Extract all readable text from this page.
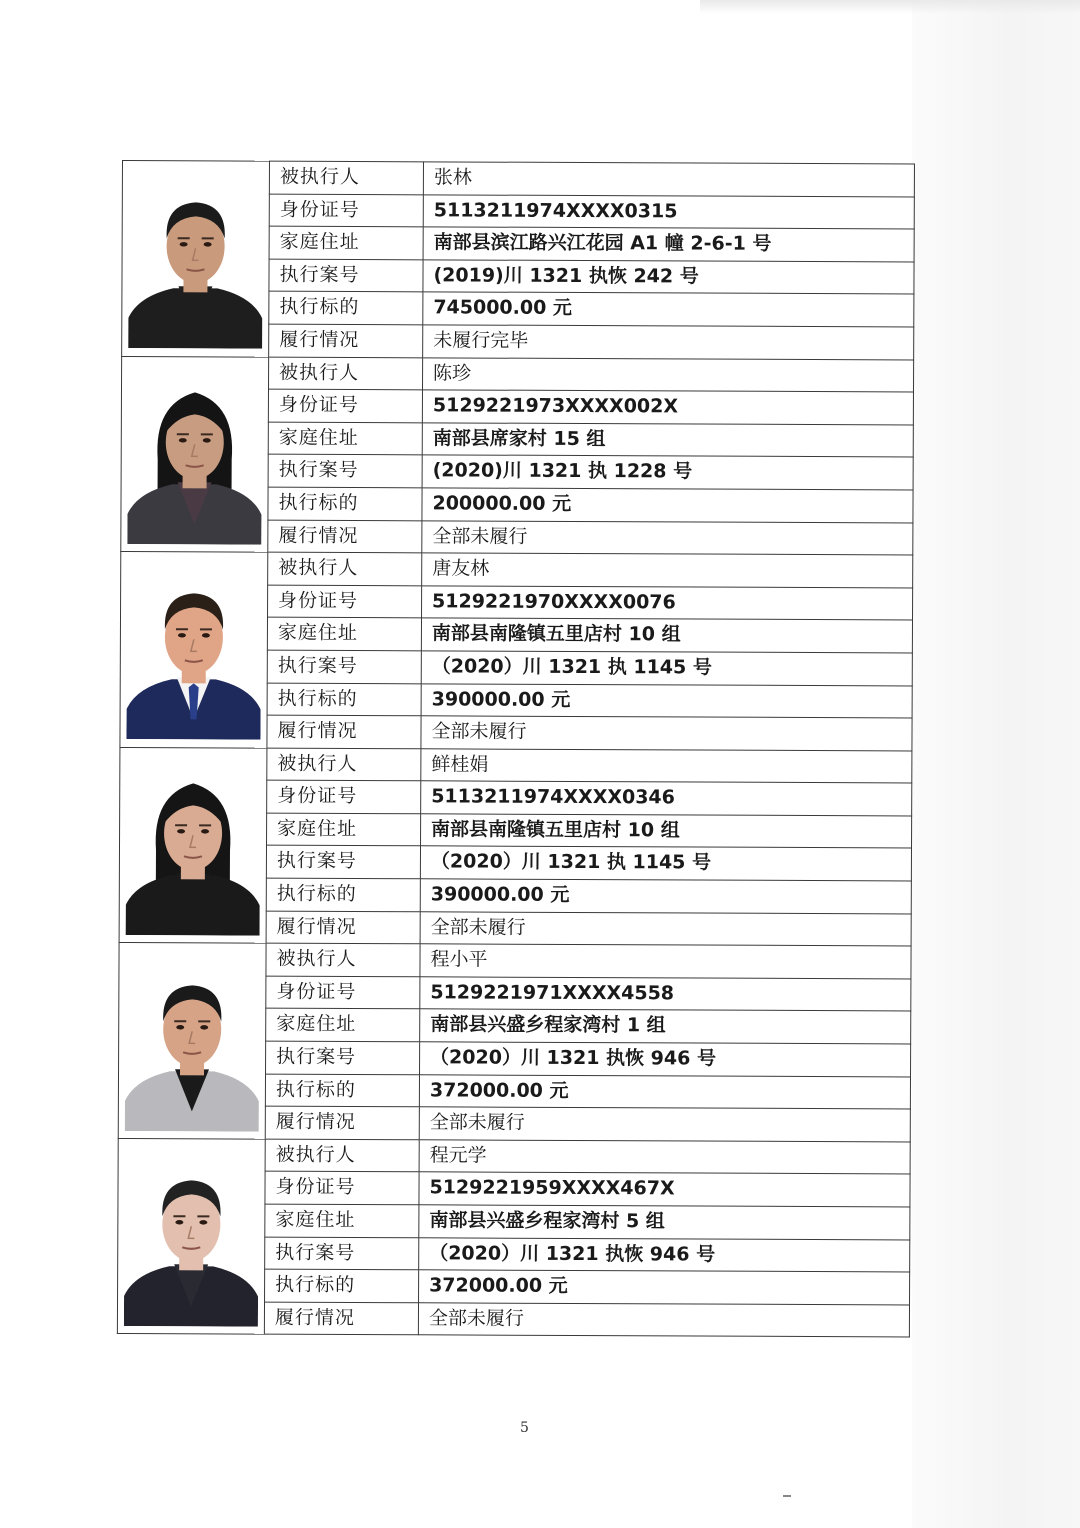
	被执行人	张林
	身份证号	5113211974XXXX0315
	家庭住址	南部县滨江路兴江花园 A1 幢 2-6-1 号
	执行案号	(2019)川 1321 执恢 242 号
	执行标的	745000.00 元
	履行情况	未履行完毕

	被执行人	陈珍
	身份证号	5129221973XXXX002X
	家庭住址	南部县席家村 15 组
	执行案号	(2020)川 1321 执 1228 号
	执行标的	200000.00 元
	履行情况	全部未履行

	被执行人	唐友林
	身份证号	5129221970XXXX0076
	家庭住址	南部县南隆镇五里店村 10 组
	执行案号	（2020）川 1321 执 1145 号
	执行标的	390000.00 元
	履行情况	全部未履行

	被执行人	鲜桂娟
	身份证号	5113211974XXXX0346
	家庭住址	南部县南隆镇五里店村 10 组
	执行案号	（2020）川 1321 执 1145 号
	执行标的	390000.00 元
	履行情况	全部未履行

	被执行人	程小平
	身份证号	5129221971XXXX4558
	家庭住址	南部县兴盛乡程家湾村 1 组
	执行案号	（2020）川 1321 执恢 946 号
	执行标的	372000.00 元
	履行情况	全部未履行

	被执行人	程元学
	身份证号	5129221959XXXX467X
	家庭住址	南部县兴盛乡程家湾村 5 组
	执行案号	（2020）川 1321 执恢 946 号
	执行标的	372000.00 元
	履行情况	全部未履行
5
